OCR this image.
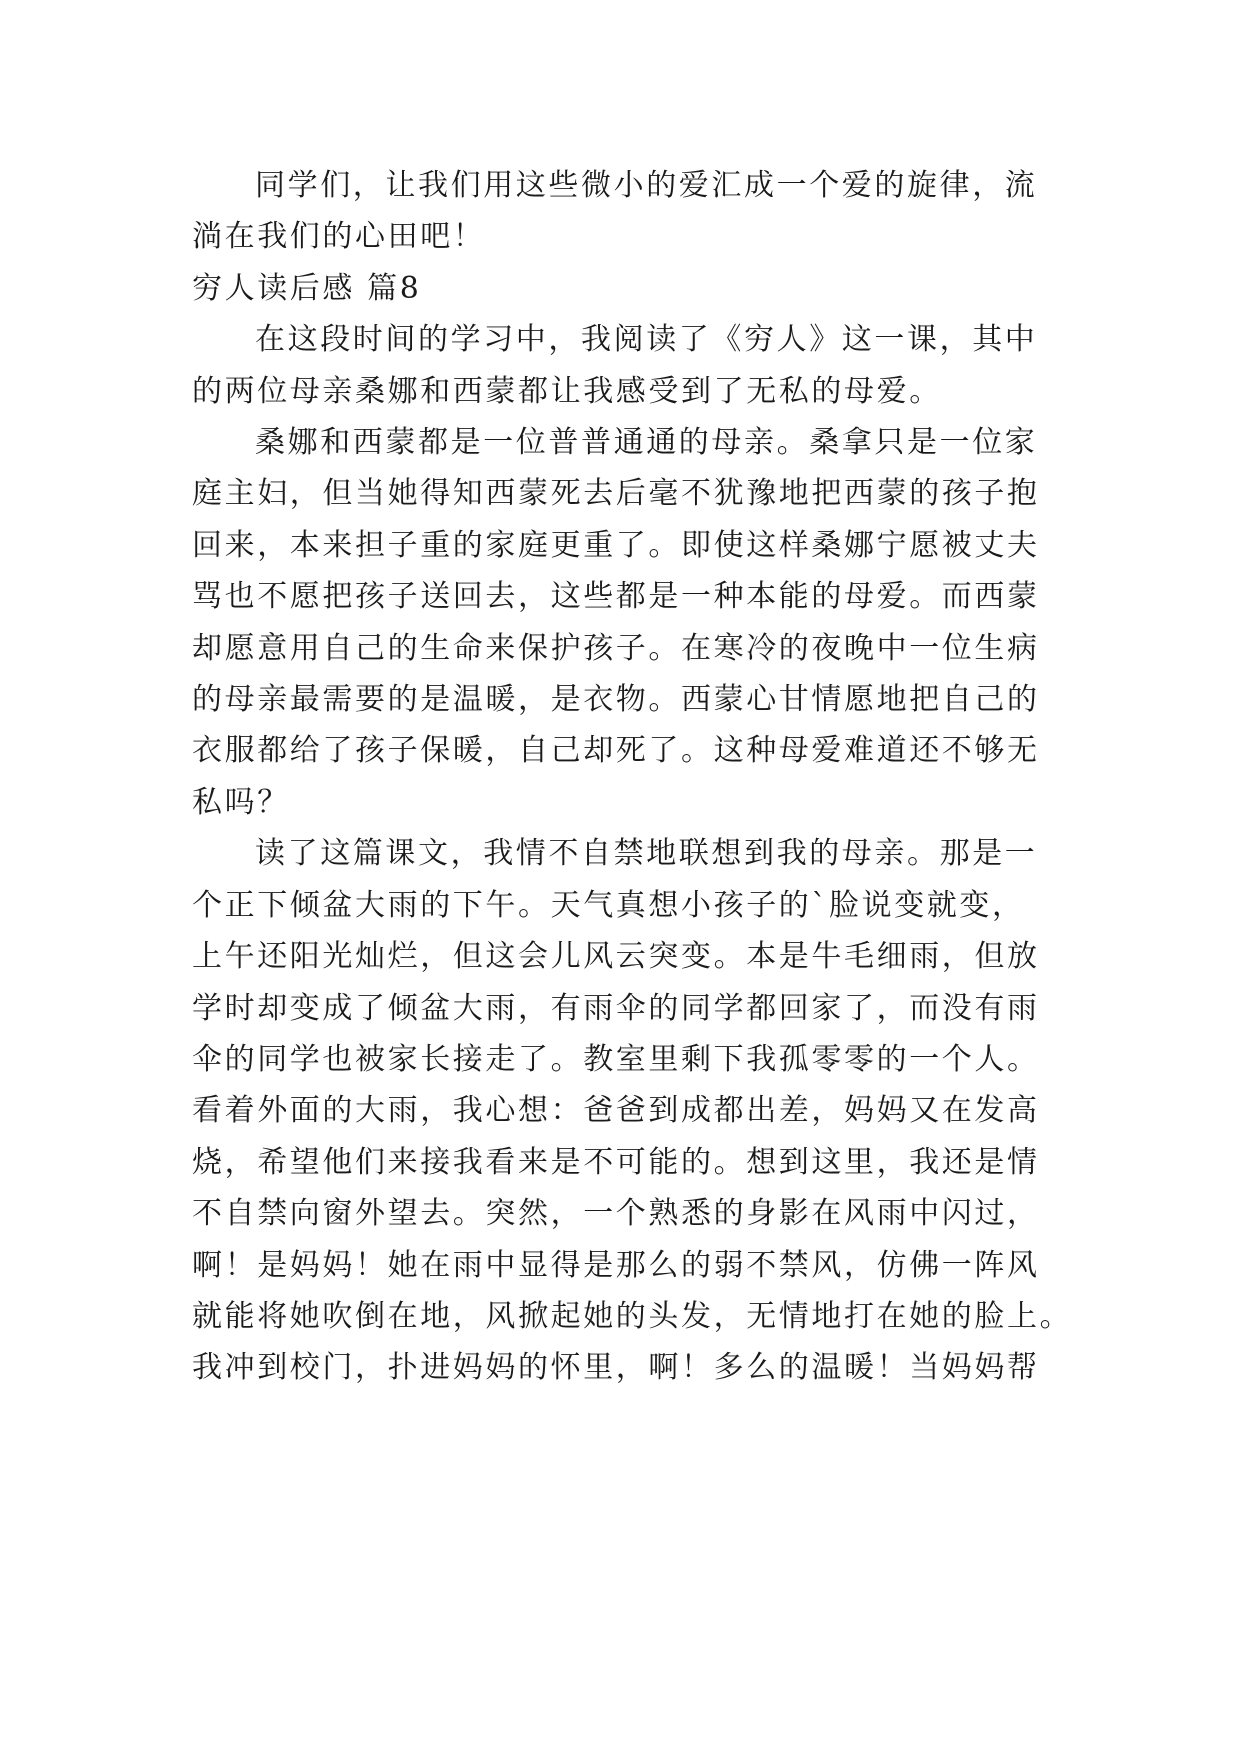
同学们，让我们用这些微小的爱汇成一个爱的旋律，流
淌在我们的心田吧！
穷人读后感 篇8
在这段时间的学习中，我阅读了《穷人》这一课，其中
的两位母亲桑娜和西蒙都让我感受到了无私的母爱。
桑娜和西蒙都是一位普普通通的母亲。桑拿只是一位家
庭主妇，但当她得知西蒙死去后毫不犹豫地把西蒙的孩子抱
回来，本来担子重的家庭更重了。即使这样桑娜宁愿被丈夫
骂也不愿把孩子送回去，这些都是一种本能的母爱。而西蒙
却愿意用自己的生命来保护孩子。在寒冷的夜晚中一位生病
的母亲最需要的是温暖，是衣物。西蒙心甘情愿地把自己的
衣服都给了孩子保暖，自己却死了。这种母爱难道还不够无
私吗？
读了这篇课文，我情不自禁地联想到我的母亲。那是一
个正下倾盆大雨的下午。天气真想小孩子的`脸说变就变，
上午还阳光灿烂，但这会儿风云突变。本是牛毛细雨，但放
学时却变成了倾盆大雨，有雨伞的同学都回家了，而没有雨
伞的同学也被家长接走了。教室里剩下我孤零零的一个人。
看着外面的大雨，我心想：爸爸到成都出差，妈妈又在发高
烧，希望他们来接我看来是不可能的。想到这里，我还是情
不自禁向窗外望去。突然，一个熟悉的身影在风雨中闪过，
啊！是妈妈！她在雨中显得是那么的弱不禁风，仿佛一阵风
就能将她吹倒在地，风掀起她的头发，无情地打在她的脸上。
我冲到校门，扑进妈妈的怀里，啊！多么的温暖！当妈妈帮
